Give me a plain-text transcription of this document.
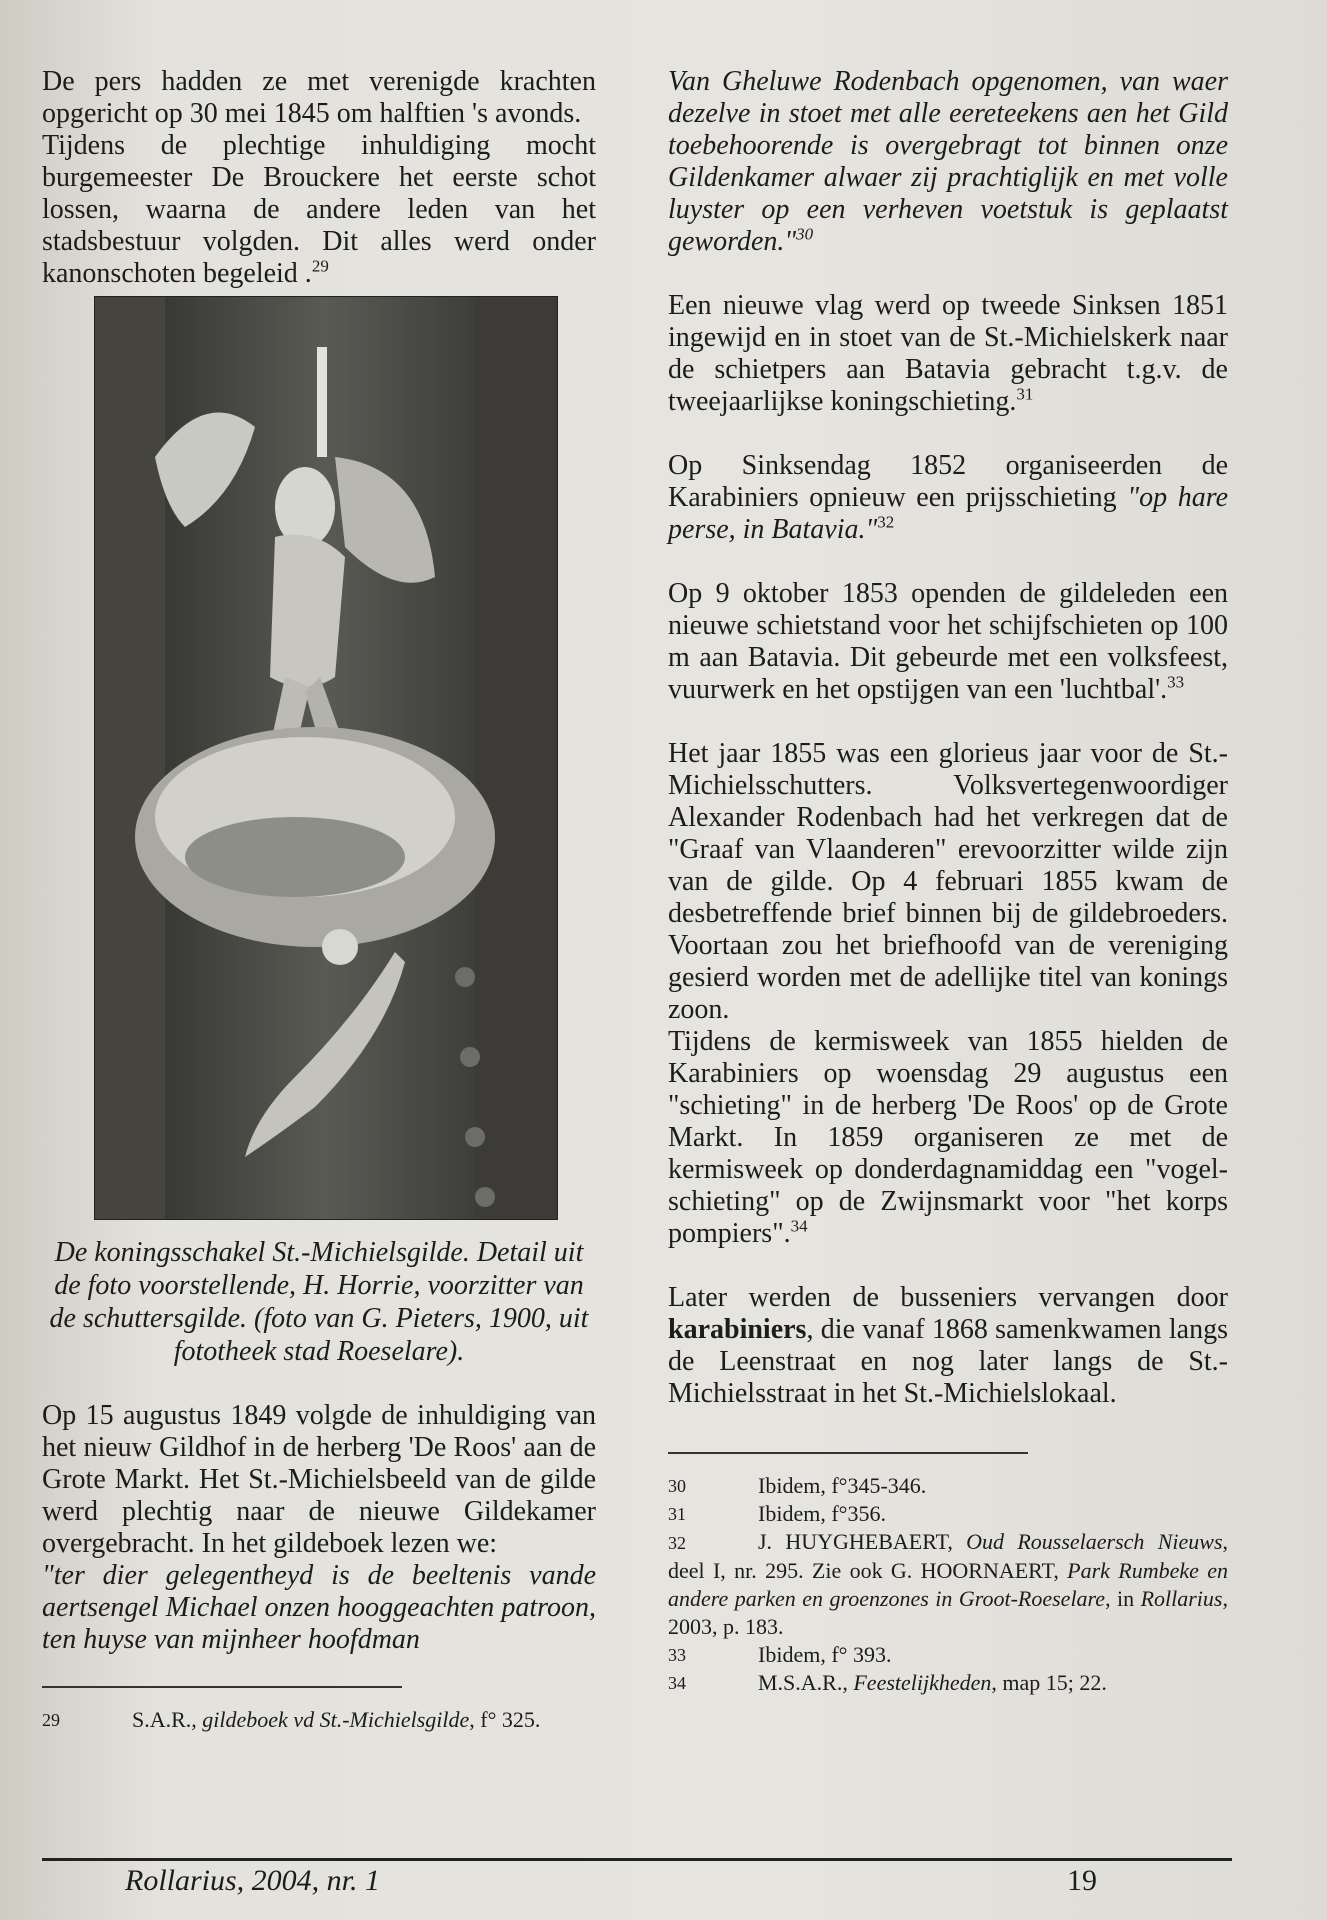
De pers hadden ze met verenigde krachten opgericht op 30 mei 1845 om halftien 's avonds.

Tijdens de plechtige inhuldiging mocht burgemeester De Brouckere het eerste schot lossen, waarna de andere leden van het stadsbestuur volgden. Dit alles werd onder kanonschoten begeleid .$^{29}$

De koningsschakel St.-Michielsgilde. Detail uit de foto voorstellende, H. Horrie, voorzitter van de schuttersgilde. (foto van G. Pieters, 1900, uit fototheek stad Roeselare).

Op 15 augustus 1849 volgde de inhuldiging van het nieuw Gildhof in de herberg 'De Roos' aan de Grote Markt. Het St.-Michielsbeeld van de gilde werd plechtig naar de nieuwe Gildekamer overgebracht. In het gildeboek lezen we:

"ter dier gelegentheyd is de beeltenis vande aertsengel Michael onzen hooggeachten patroon, ten huyse van mijnheer hoofdman

29	S.A.R., gildeboek vd St.-Michielsgilde, f° 325.

Van Gheluwe Rodenbach opgenomen, van waer dezelve in stoet met alle eereteekens aen het Gild toebehoorende is overgebragt tot binnen onze Gildenkamer alwaer zij prachtiglijk en met volle luyster op een verheven voetstuk is geplaatst geworden."$^{30}$

Een nieuwe vlag werd op tweede Sinksen 1851 ingewijd en in stoet van de St.-Michielskerk naar de schietpers aan Batavia gebracht t.g.v. de tweejaarlijkse koningschieting.$^{31}$

Op Sinksendag 1852 organiseerden de Karabiniers opnieuw een prijsschieting "op hare perse, in Batavia."$^{32}$

Op 9 oktober 1853 openden de gildeleden een nieuwe schietstand voor het schijfschieten op 100 m aan Batavia. Dit gebeurde met een volksfeest, vuurwerk en het opstijgen van een 'luchtbal'.$^{33}$

Het jaar 1855 was een glorieus jaar voor de St.-Michielsschutters. Volksvertegenwoordiger Alexander Rodenbach had het verkregen dat de "Graaf van Vlaanderen" erevoorzitter wilde zijn van de gilde. Op 4 februari 1855 kwam de desbetreffende brief binnen bij de gildebroeders. Voortaan zou het briefhoofd van de vereniging gesierd worden met de adellijke titel van konings zoon.

Tijdens de kermisweek van 1855 hielden de Karabiniers op woensdag 29 augustus een "schieting" in de herberg 'De Roos' op de Grote Markt. In 1859 organiseren ze met de kermisweek op donderdagnamiddag een "vogel-schieting" op de Zwijnsmarkt voor "het korps pompiers".$^{34}$

Later werden de busseniers vervangen door karabiniers, die vanaf 1868 samenkwamen langs de Leenstraat en nog later langs de St.-Michielsstraat in het St.-Michielslokaal.

30	Ibidem, f°345-346.
31	Ibidem, f°356.
32	J. HUYGHEBAERT, Oud Rousselaersch Nieuws, deel I, nr. 295. Zie ook G. HOORNAERT, Park Rumbeke en andere parken en groenzones in Groot-Roeselare, in Rollarius, 2003, p. 183.
33	Ibidem, f° 393.
34	M.S.A.R., Feestelijkheden, map 15; 22.
Rollarius, 2004, nr. 1	19
